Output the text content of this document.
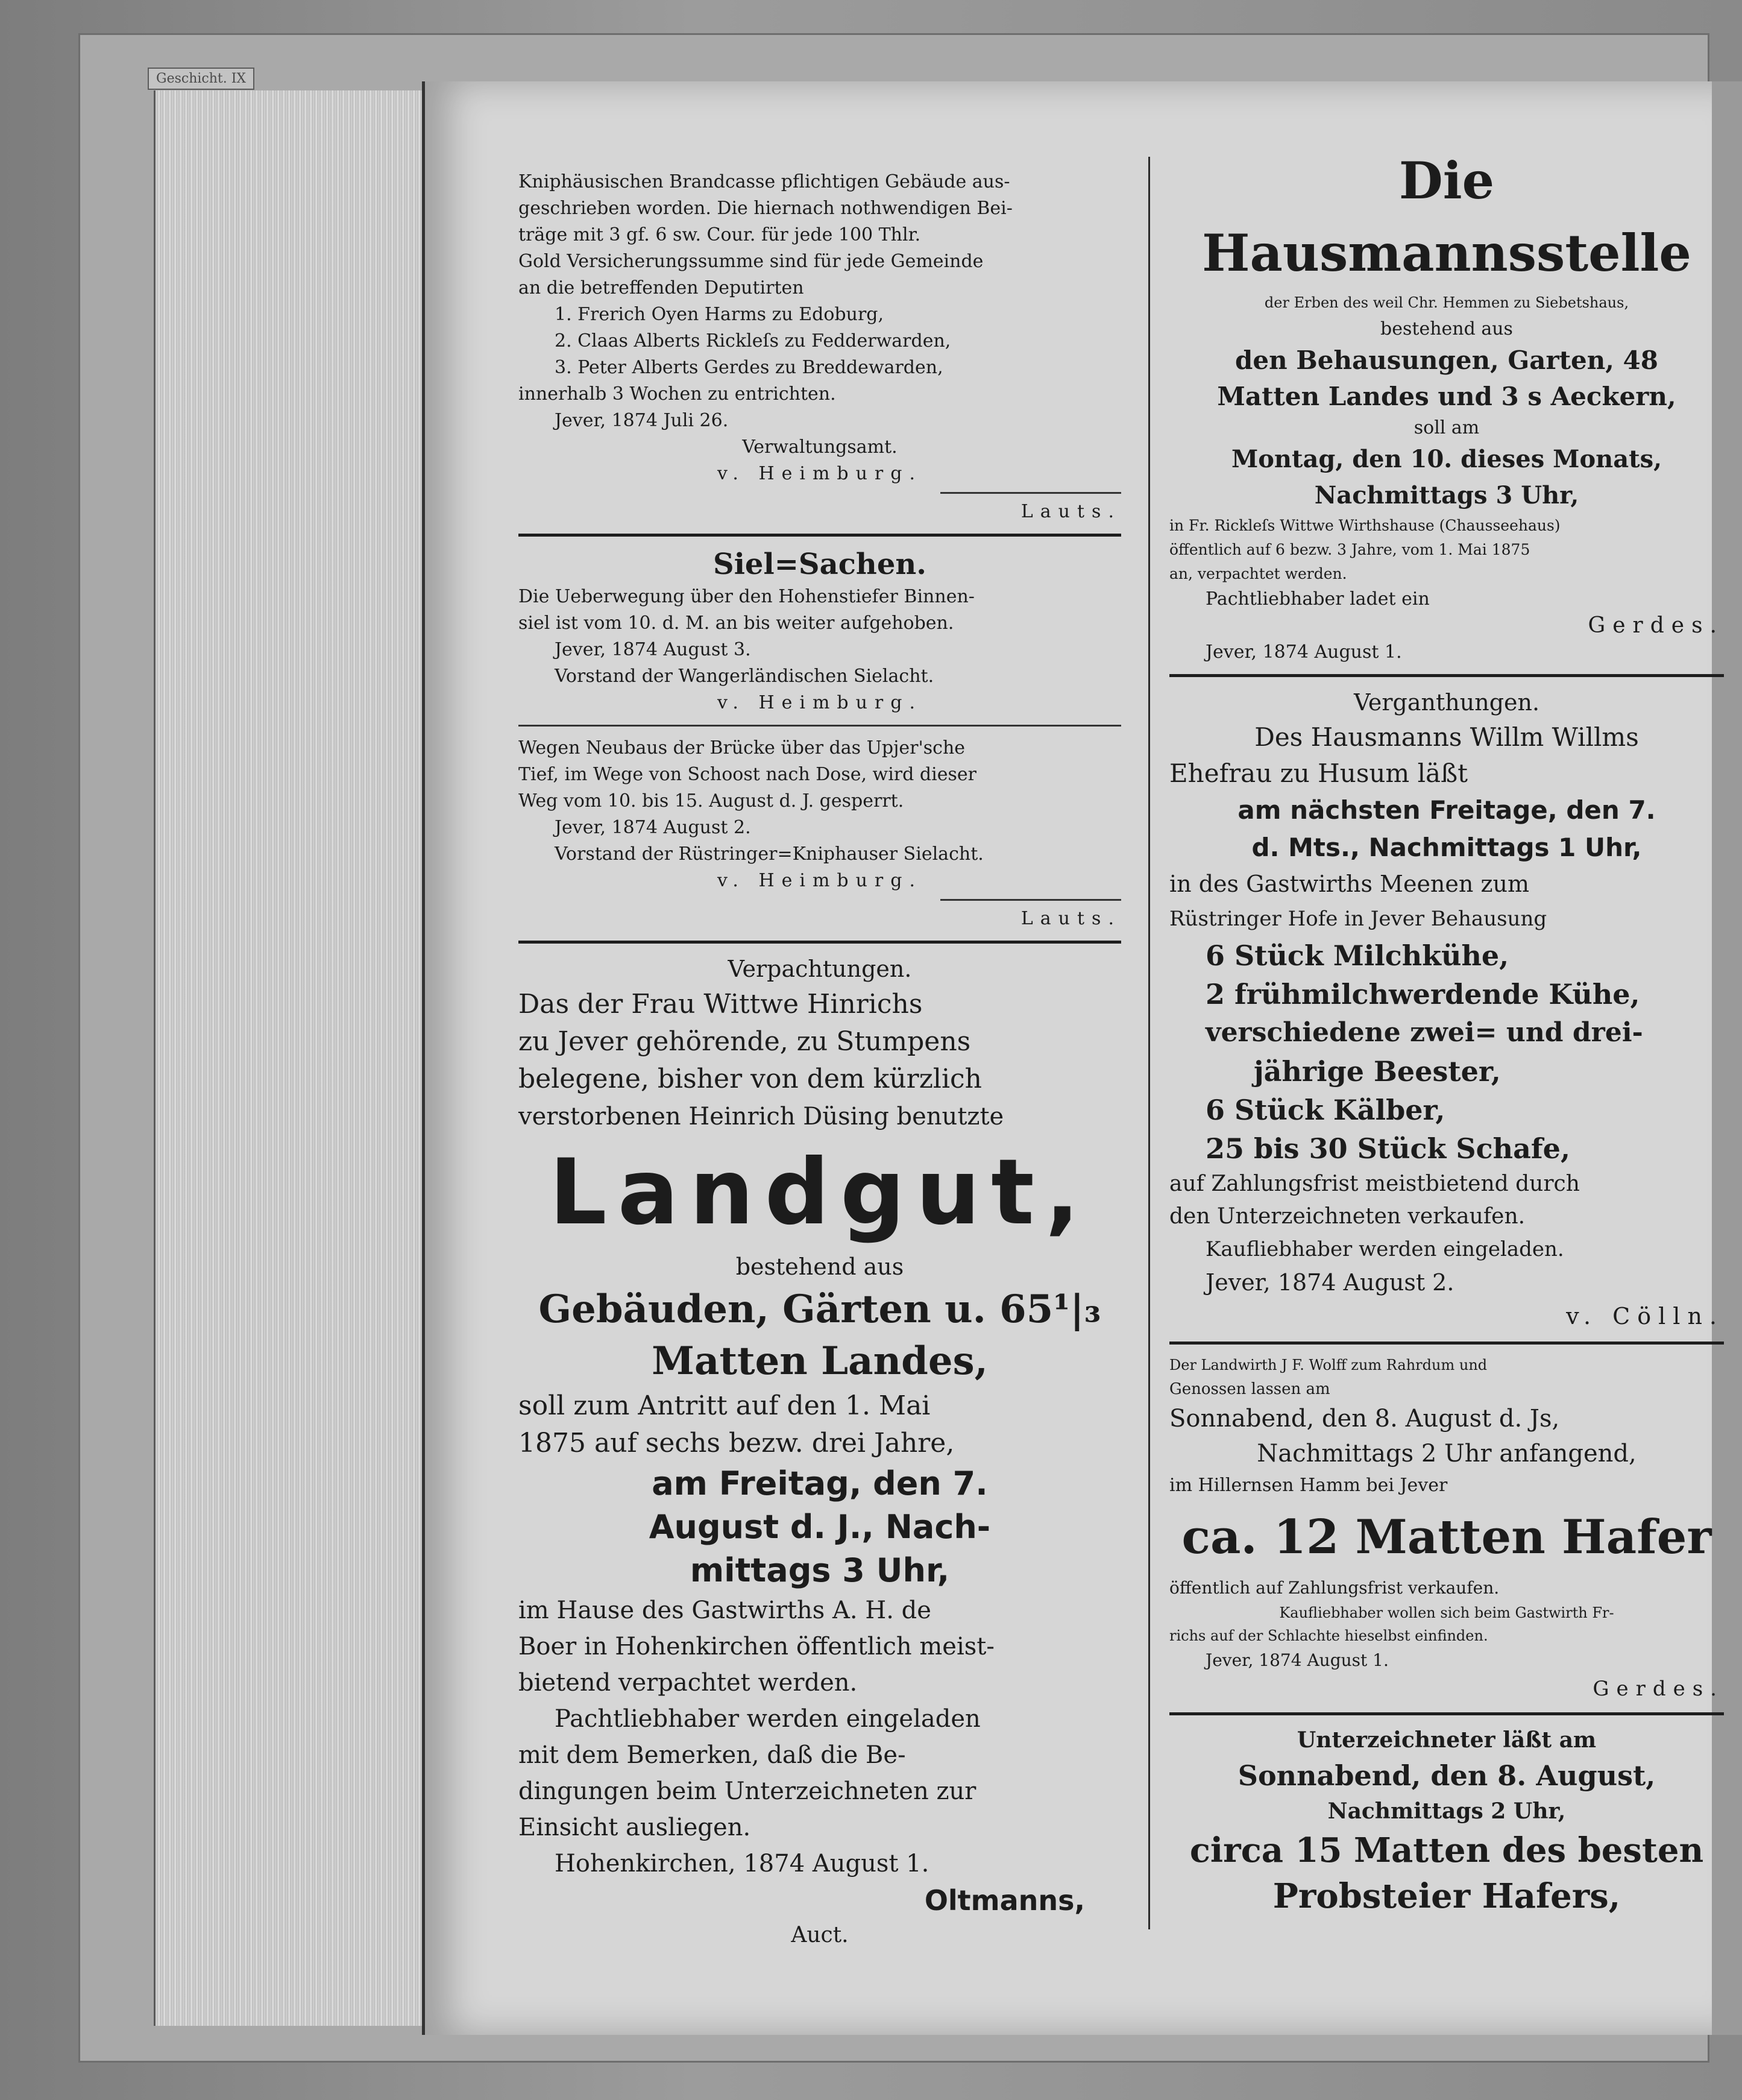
Geschicht. IX

Kniphäusischen Brandcasse pflichtigen Gebäude aus-

geschrieben worden. Die hiernach nothwendigen Bei-

träge mit 3 gf. 6 sw. Cour. für jede 100 Thlr.

Gold Versicherungssumme sind für jede Gemeinde

an die betreffenden Deputirten

1. Frerich Oyen Harms zu Edoburg,

2. Claas Alberts Rickleſs zu Fedderwarden,

3. Peter Alberts Gerdes zu Breddewarden,

innerhalb 3 Wochen zu entrichten.

Jever, 1874 Juli 26.

Verwaltungsamt.

v. Heimburg.

Lauts.

Siel=Sachen.

Die Ueberwegung über den Hohenstiefer Binnen-

siel ist vom 10. d. M. an bis weiter aufgehoben.

Jever, 1874 August 3.

Vorstand der Wangerländischen Sielacht.

v. Heimburg.

Wegen Neubaus der Brücke über das Upjer'sche

Tief, im Wege von Schoost nach Dose, wird dieser

Weg vom 10. bis 15. August d. J. gesperrt.

Jever, 1874 August 2.

Vorstand der Rüstringer=Kniphauser Sielacht.

v. Heimburg.

Lauts.

Verpachtungen.

Das der Frau Wittwe Hinrichs

zu Jever gehörende, zu Stumpens

belegene, bisher von dem kürzlich

verstorbenen Heinrich Düsing benutzte

Landgut,

bestehend aus

Gebäuden, Gärten u. 65¹|₃

Matten Landes,

soll zum Antritt auf den 1. Mai

1875 auf sechs bezw. drei Jahre,

am Freitag, den 7.

August d. J., Nach-

mittags 3 Uhr,

im Hause des Gastwirths A. H. de

Boer in Hohenkirchen öffentlich meist-

bietend verpachtet werden.

Pachtliebhaber werden eingeladen

mit dem Bemerken, daß die Be-

dingungen beim Unterzeichneten zur

Einsicht ausliegen.

Hohenkirchen, 1874 August 1.

Oltmanns,

Auct.

Die Hausmannsstelle

der Erben des weil Chr. Hemmen zu Siebetshaus,

bestehend aus

den Behausungen, Garten, 48

Matten Landes und 3 s Aeckern,

soll am

Montag, den 10. dieses Monats,

Nachmittags 3 Uhr,

in Fr. Rickleſs Wittwe Wirthshause (Chausseehaus)

öffentlich auf 6 bezw. 3 Jahre, vom 1. Mai 1875

an, verpachtet werden.

Pachtliebhaber ladet ein

Gerdes.

Jever, 1874 August 1.

Verganthungen.

Des Hausmanns Willm Willms

Ehefrau zu Husum läßt

am nächsten Freitage, den 7.

d. Mts., Nachmittags 1 Uhr,

in des Gastwirths Meenen zum

Rüstringer Hofe in Jever Behausung

6 Stück Milchkühe,

2 frühmilchwerdende Kühe,

verschiedene zwei= und drei-

jährige Beester,

6 Stück Kälber,

25 bis 30 Stück Schafe,

auf Zahlungsfrist meistbietend durch

den Unterzeichneten verkaufen.

Kaufliebhaber werden eingeladen.

Jever, 1874 August 2.

v. Cölln.

Der Landwirth J F. Wolff zum Rahrdum und

Genossen lassen am

Sonnabend, den 8. August d. Js,

Nachmittags 2 Uhr anfangend,

im Hillernsen Hamm bei Jever

ca. 12 Matten Hafer

öffentlich auf Zahlungsfrist verkaufen.

Kaufliebhaber wollen sich beim Gastwirth Fr-

richs auf der Schlachte hieselbst einfinden.

Jever, 1874 August 1.

Gerdes.

Unterzeichneter läßt am

Sonnabend, den 8. August,

Nachmittags 2 Uhr,

circa 15 Matten des besten

Probsteier Hafers,
